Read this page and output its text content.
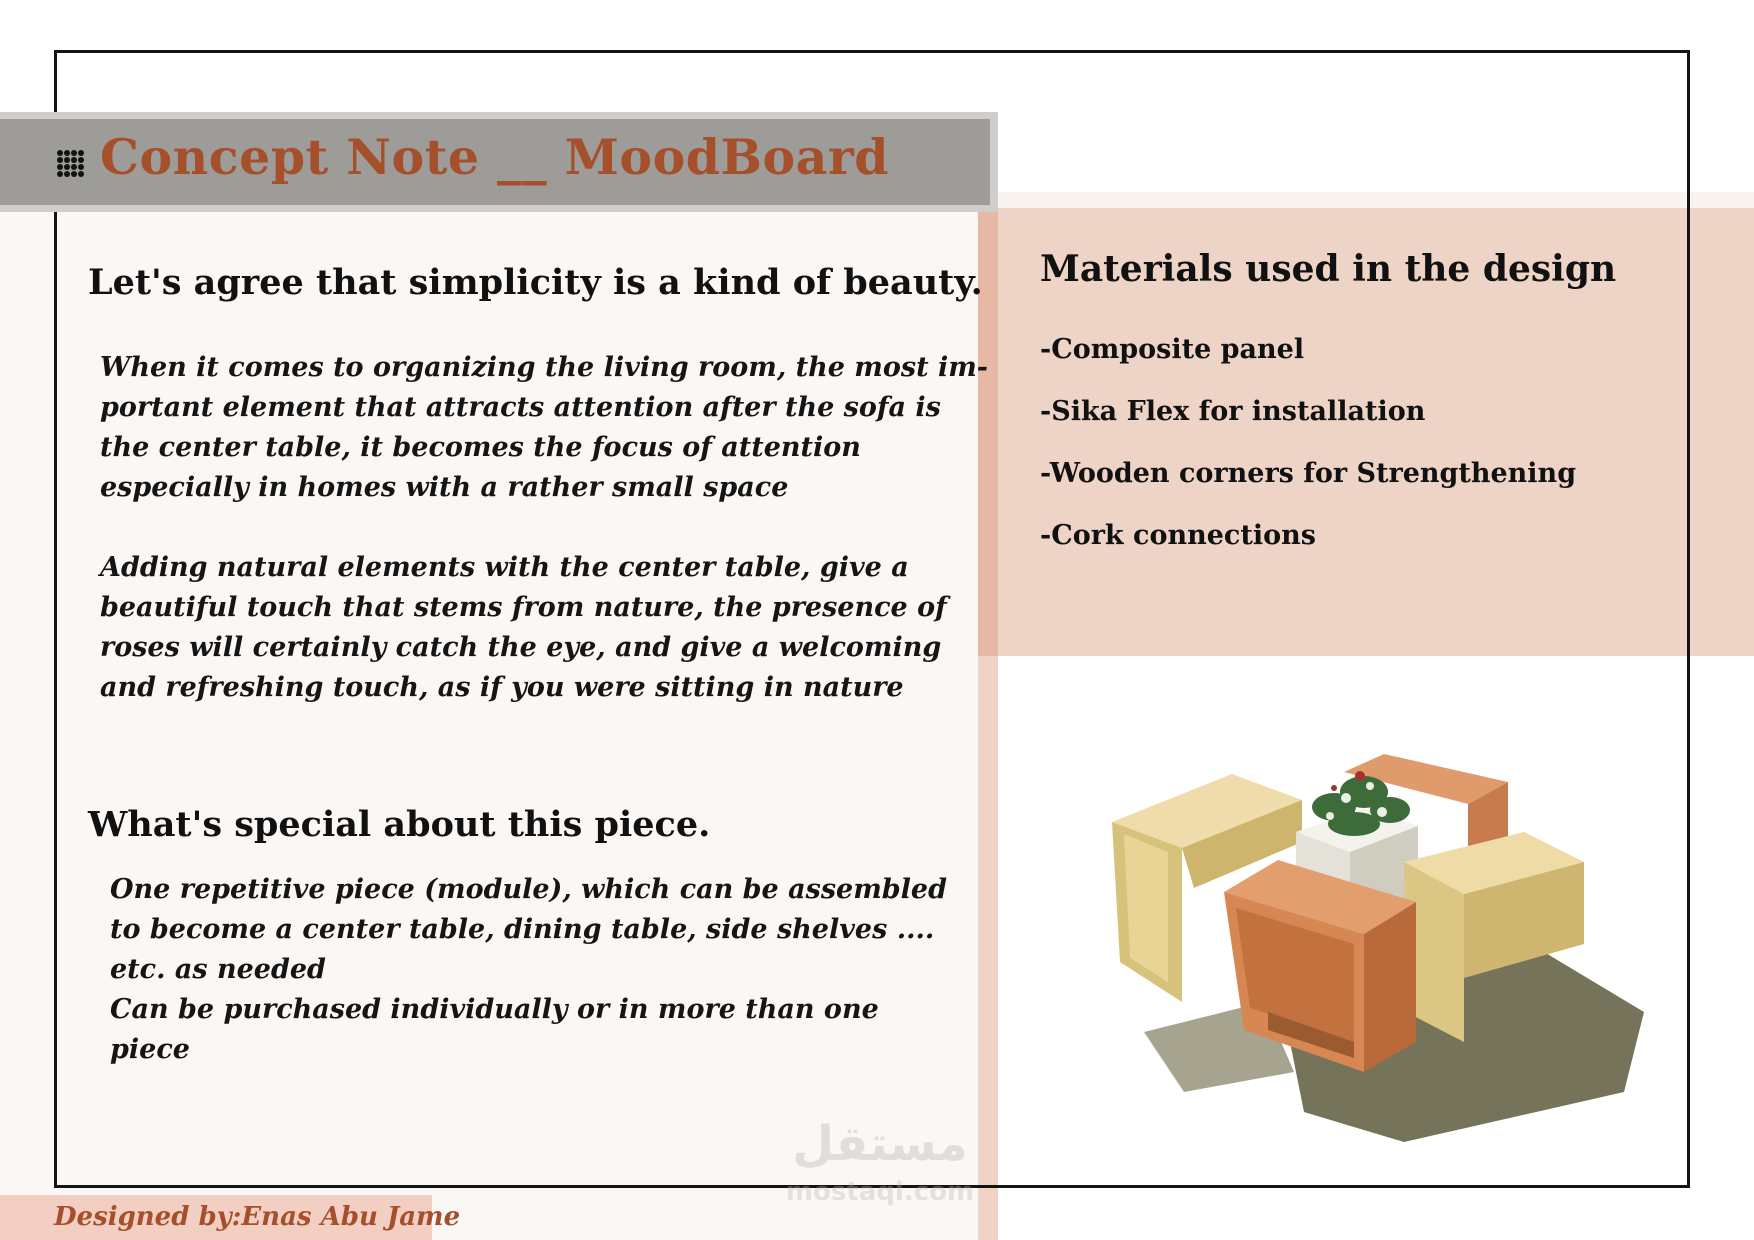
Concept Note __ MoodBoard
Let's agree that simplicity is a kind of beauty.

When it comes to organizing the living room, the most im-
portant element that attracts attention after the sofa is
the center table, it becomes the focus of attention
especially in homes with a rather small space

Adding natural elements with the center table, give a
beautiful touch that stems from nature, the presence of
roses will certainly catch the eye, and give a welcoming
and refreshing touch, as if you were sitting in nature

What's special about this piece.

One repetitive piece (module), which can be assembled
to become a center table, dining table, side shelves ....
etc. as needed
Can be purchased individually or in more than one
piece

Materials used in the design
-Composite panel
-Sika Flex for installation
-Wooden corners for Strengthening
-Cork connections
مستقل
mostaql.com

Designed by:Enas Abu Jame
